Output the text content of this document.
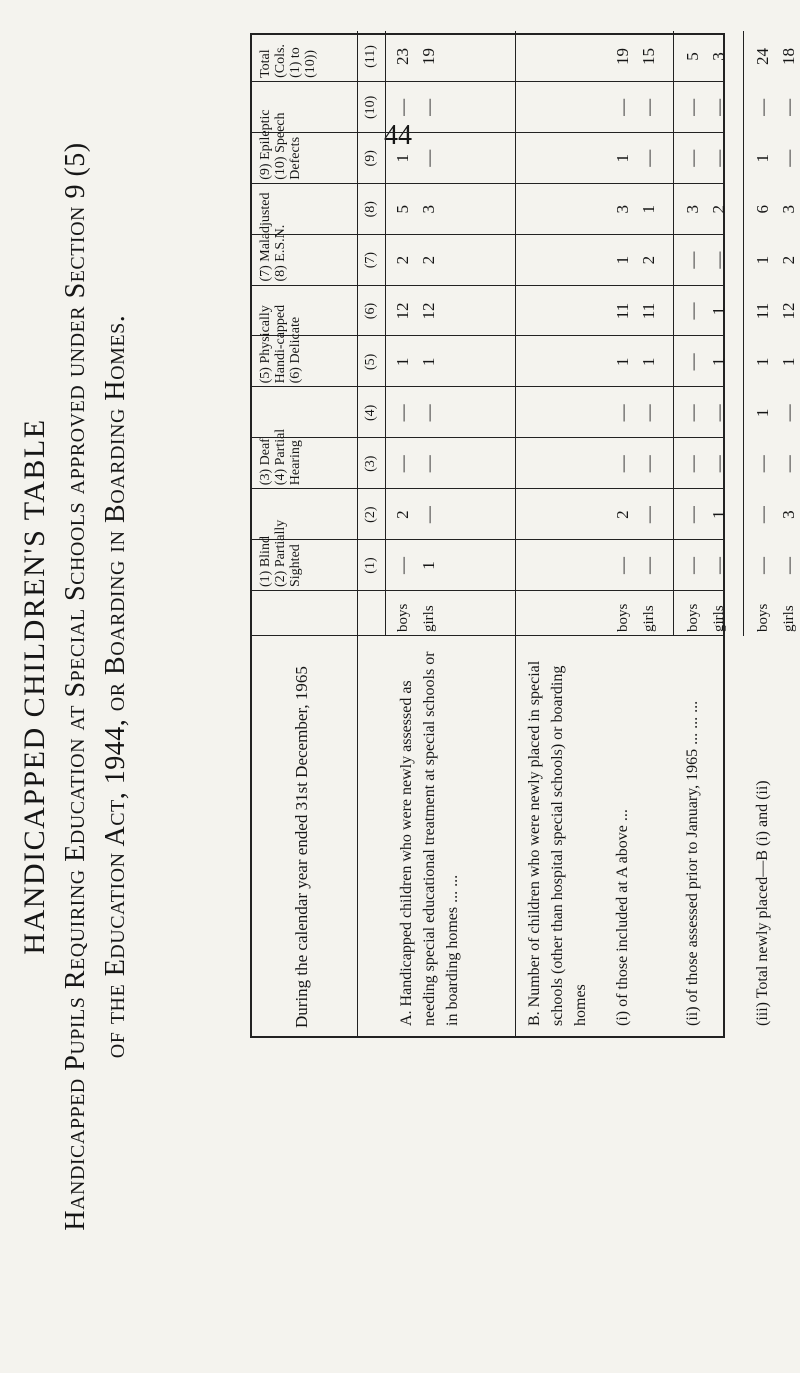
44
HANDICAPPED CHILDREN'S TABLE Handicapped Pupils Requiring Education at Special Schools approved under Section 9 (5) of the Education Act, 1944, or Boarding in Boarding Homes.	During the calendar year ended 31st December, 1965
(1) Blind
(2) Partially Sighted
(3) Deaf
(4) Partial Hearing
(5) Physically Handi-capped
(6) Delicate
(7) Maladjusted
(8) E.S.N.
(9) Epileptic
(10) Speech Defects
Total (Cols. (1) to (10))
(1)
(2)
(3)
(4)
(5)
(6)
(7)
(8)
(9)
(10)
(11)
A. Handicapped children who were newly assessed as needing special educational treatment at special schools or in boarding homes ... ...
boys
—
2
—
—
1
12
2
5
1
—
23
girls
1
—
—
—
1
12
2
3
—
—
19
B. Number of children who were newly placed in special schools (other than hospital special schools) or boarding homes (i) of those included at A above ...
boys
—
2
—
—
1
11
1
3
1
—
19
girls
—
—
—
—
1
11
2
1
—
—
15
(ii) of those assessed prior to January, 1965 ... ... ...
boys
—
—
—
—
—
—
—
3
—
—
5
girls
—
1
—
—
1
1
—
2
—
—
3
(iii) Total newly placed—B (i) and (ii)
boys
—
—
—
1
1
11
1
6
1
—
24
girls
—
3
—
—
1
12
2
3
—
—
18
